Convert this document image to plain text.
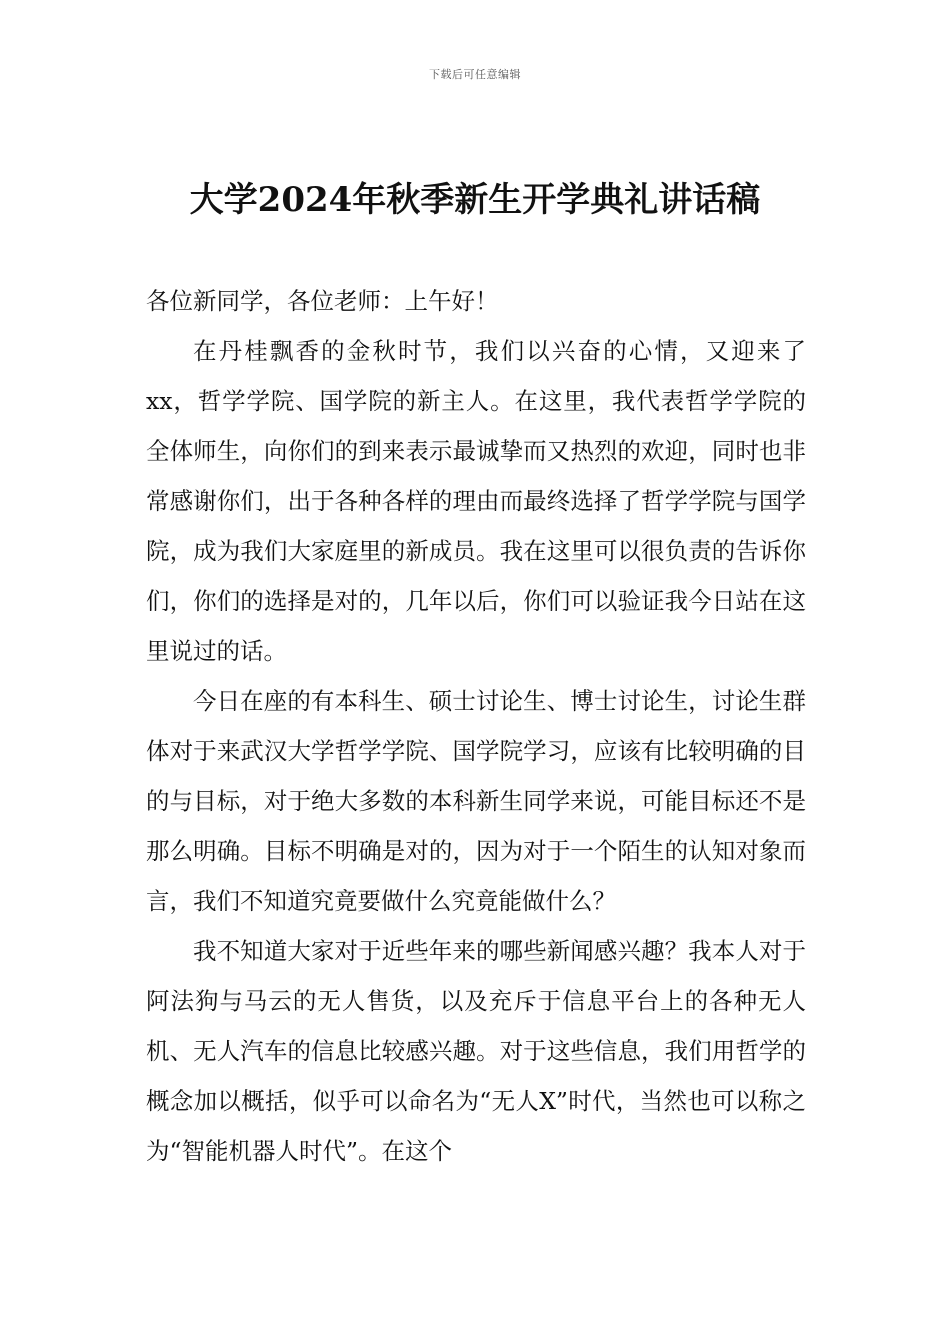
下载后可任意编辑
大学2024年秋季新生开学典礼讲话稿

各位新同学，各位老师：上午好！

在丹桂飘香的金秋时节，我们以兴奋的心情，又迎来了xx，哲学学院、国学院的新主人。在这里，我代表哲学学院的全体师生，向你们的到来表示最诚挚而又热烈的欢迎，同时也非常感谢你们，出于各种各样的理由而最终选择了哲学学院与国学院，成为我们大家庭里的新成员。我在这里可以很负责的告诉你们，你们的选择是对的，几年以后，你们可以验证我今日站在这里说过的话。

今日在座的有本科生、硕士讨论生、博士讨论生，讨论生群体对于来武汉大学哲学学院、国学院学习，应该有比较明确的目的与目标，对于绝大多数的本科新生同学来说，可能目标还不是那么明确。目标不明确是对的，因为对于一个陌生的认知对象而言，我们不知道究竟要做什么究竟能做什么？

我不知道大家对于近些年来的哪些新闻感兴趣？我本人对于阿法狗与马云的无人售货，以及充斥于信息平台上的各种无人机、无人汽车的信息比较感兴趣。对于这些信息，我们用哲学的概念加以概括，似乎可以命名为“无人X”时代，当然也可以称之为“智能机器人时代”。在这个
